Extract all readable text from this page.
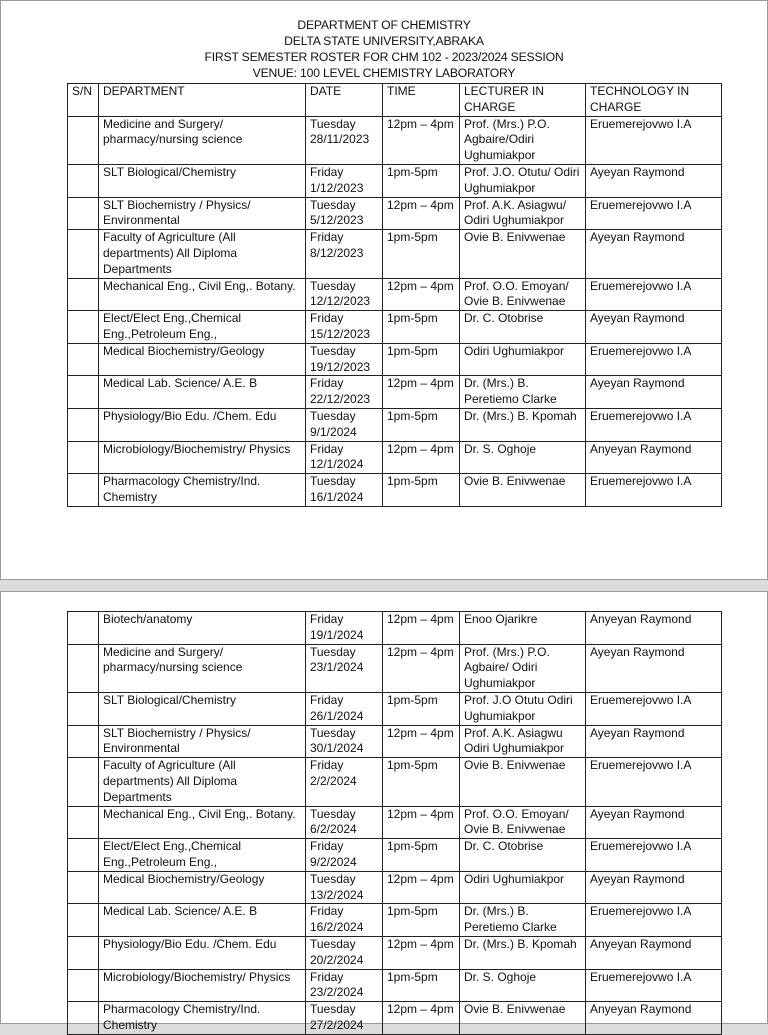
DEPARTMENT OF CHEMISTRY
DELTA STATE UNIVERSITY,ABRAKA
FIRST SEMESTER ROSTER FOR CHM 102 - 2023/2024 SESSION
VENUE: 100 LEVEL CHEMISTRY LABORATORY
S/N	DEPARTMENT	DATE	TIME	LECTURER IN CHARGE	TECHNOLOGY IN CHARGE
	Medicine and Surgery/ pharmacy/nursing science	Tuesday 28/11/2023	12pm – 4pm	Prof. (Mrs.) P.O. Agbaire/Odiri Ughumiakpor	Eruemerejovwo I.A
	SLT Biological/Chemistry	Friday 1/12/2023	1pm-5pm	Prof. J.O. Otutu/ Odiri Ughumiakpor	Ayeyan Raymond
	SLT Biochemistry / Physics/ Environmental	Tuesday 5/12/2023	12pm – 4pm	Prof. A.K. Asiagwu/ Odiri Ughumiakpor	Eruemerejovwo I.A
	Faculty of Agriculture (All departments) All Diploma Departments	Friday 8/12/2023	1pm-5pm	Ovie B. Enivwenae	Ayeyan Raymond
	Mechanical Eng., Civil Eng,. Botany.	Tuesday 12/12/2023	12pm – 4pm	Prof. O.O. Emoyan/ Ovie B. Enivwenae	Eruemerejovwo I.A
	Elect/Elect Eng.,Chemical Eng.,Petroleum Eng.,	Friday 15/12/2023	1pm-5pm	Dr. C. Otobrise	Ayeyan Raymond
	Medical Biochemistry/Geology	Tuesday 19/12/2023	1pm-5pm	Odiri Ughumiakpor	Eruemerejovwo I.A
	Medical Lab. Science/ A.E. B	Friday 22/12/2023	12pm – 4pm	Dr. (Mrs.) B. Peretiemo Clarke	Ayeyan Raymond
	Physiology/Bio Edu. /Chem. Edu	Tuesday 9/1/2024	1pm-5pm	Dr. (Mrs.) B. Kpomah	Eruemerejovwo I.A
	Microbiology/Biochemistry/ Physics	Friday 12/1/2024	12pm – 4pm	Dr. S. Oghoje	Anyeyan Raymond
	Pharmacology Chemistry/Ind. Chemistry	Tuesday 16/1/2024	1pm-5pm	Ovie B. Enivwenae	Eruemerejovwo I.A
	Biotech/anatomy	Friday 19/1/2024	12pm – 4pm	Enoo Ojarikre	Anyeyan Raymond
	Medicine and Surgery/ pharmacy/nursing science	Tuesday 23/1/2024	12pm – 4pm	Prof. (Mrs.) P.O. Agbaire/ Odiri Ughumiakpor	Ayeyan Raymond
	SLT Biological/Chemistry	Friday 26/1/2024	1pm-5pm	Prof. J.O Otutu Odiri Ughumiakpor	Eruemerejovwo I.A
	SLT Biochemistry / Physics/ Environmental	Tuesday 30/1/2024	12pm – 4pm	Prof. A.K. Asiagwu Odiri Ughumiakpor	Ayeyan Raymond
	Faculty of Agriculture (All departments) All Diploma Departments	Friday 2/2/2024	1pm-5pm	Ovie B. Enivwenae	Eruemerejovwo I.A
	Mechanical Eng., Civil Eng,. Botany.	Tuesday 6/2/2024	12pm – 4pm	Prof. O.O. Emoyan/ Ovie B. Enivwenae	Ayeyan Raymond
	Elect/Elect Eng.,Chemical Eng.,Petroleum Eng.,	Friday 9/2/2024	1pm-5pm	Dr. C. Otobrise	Eruemerejovwo I.A
	Medical Biochemistry/Geology	Tuesday 13/2/2024	12pm – 4pm	Odiri Ughumiakpor	Ayeyan Raymond
	Medical Lab. Science/ A.E. B	Friday 16/2/2024	1pm-5pm	Dr. (Mrs.) B. Peretiemo Clarke	Eruemerejovwo I.A
	Physiology/Bio Edu. /Chem. Edu	Tuesday 20/2/2024	12pm – 4pm	Dr. (Mrs.) B. Kpomah	Anyeyan Raymond
	Microbiology/Biochemistry/ Physics	Friday 23/2/2024	1pm-5pm	Dr. S. Oghoje	Eruemerejovwo I.A
	Pharmacology Chemistry/Ind. Chemistry	Tuesday 27/2/2024	12pm – 4pm	Ovie B. Enivwenae	Anyeyan Raymond
